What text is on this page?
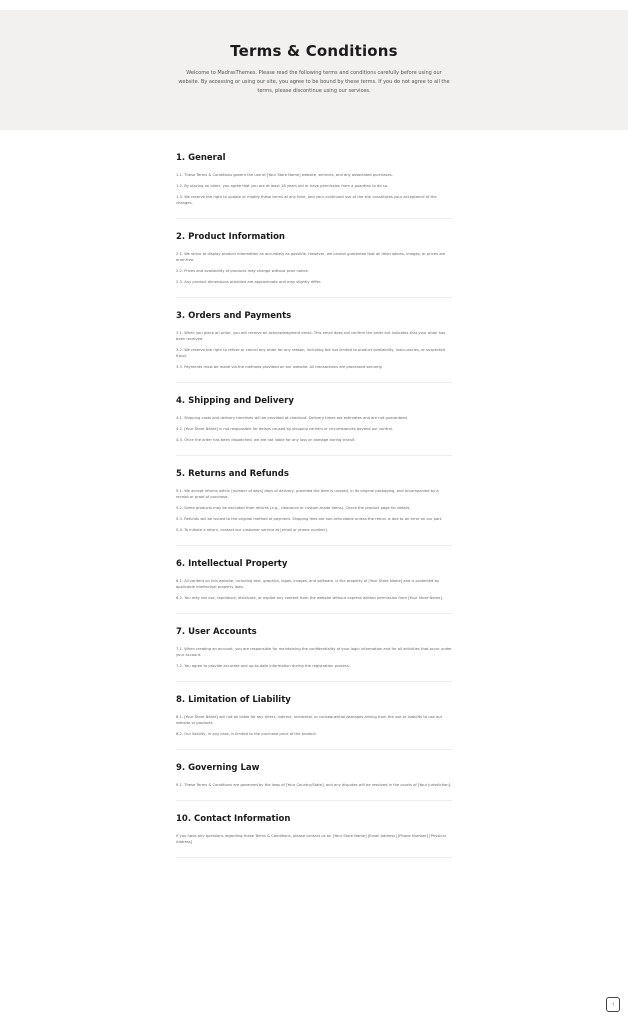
Terms & Conditions

Welcome to MadrasThemes. Please read the following terms and conditions carefully before using our website. By accessing or using our site, you agree to be bound by these terms. If you do not agree to all the terms, please discontinue using our services.

1. General

1.1. These Terms & Conditions govern the use of [Your Store Name] website, services, and any associated purchases.

1.2. By placing an order, you agree that you are at least 18 years old or have permission from a guardian to do so.

1.3. We reserve the right to update or modify these terms at any time, and your continued use of the site constitutes your acceptance of the changes.

2. Product Information

2.1. We strive to display product information as accurately as possible. However, we cannot guarantee that all descriptions, images, or prices are error-free.

2.2. Prices and availability of products may change without prior notice.

2.3. Any product dimensions provided are approximate and may slightly differ.

3. Orders and Payments

3.1. When you place an order, you will receive an acknowledgment email. This email does not confirm the order but indicates that your order has been received.

3.2. We reserve the right to refuse or cancel any order for any reason, including but not limited to product availability, inaccuracies, or suspected fraud.

3.3. Payments must be made via the methods provided on our website. All transactions are processed securely.

4. Shipping and Delivery

4.1. Shipping costs and delivery timelines will be provided at checkout. Delivery times are estimates and are not guaranteed.

4.2. [Your Store Name] is not responsible for delays caused by shipping carriers or circumstances beyond our control.

4.3. Once the order has been dispatched, we are not liable for any loss or damage during transit.

5. Returns and Refunds

5.1. We accept returns within [number of days] days of delivery, provided the item is unused, in its original packaging, and accompanied by a receipt or proof of purchase.

5.2. Some products may be excluded from returns (e.g., clearance or custom-made items). Check the product page for details.

5.3. Refunds will be issued to the original method of payment. Shipping fees are non-refundable unless the return is due to an error on our part.

5.4. To initiate a return, contact our customer service at [email or phone number].

6. Intellectual Property

6.1. All content on this website, including text, graphics, logos, images, and software, is the property of [Your Store Name] and is protected by applicable intellectual property laws.

6.2. You may not use, reproduce, distribute, or exploit any content from the website without express written permission from [Your Store Name].

7. User Accounts

7.1. When creating an account, you are responsible for maintaining the confidentiality of your login information and for all activities that occur under your account.

7.2. You agree to provide accurate and up-to-date information during the registration process.

8. Limitation of Liability

8.1. [Your Store Name] will not be liable for any direct, indirect, incidental, or consequential damages arising from the use or inability to use our website or products.

8.2. Our liability, in any case, is limited to the purchase price of the product.

9. Governing Law

9.1. These Terms & Conditions are governed by the laws of [Your Country/State], and any disputes will be resolved in the courts of [Your Jurisdiction].

10. Contact Information

If you have any questions regarding these Terms & Conditions, please contact us at: [Your Store Name] [Email Address] [Phone Number] [Physical Address]

↑
